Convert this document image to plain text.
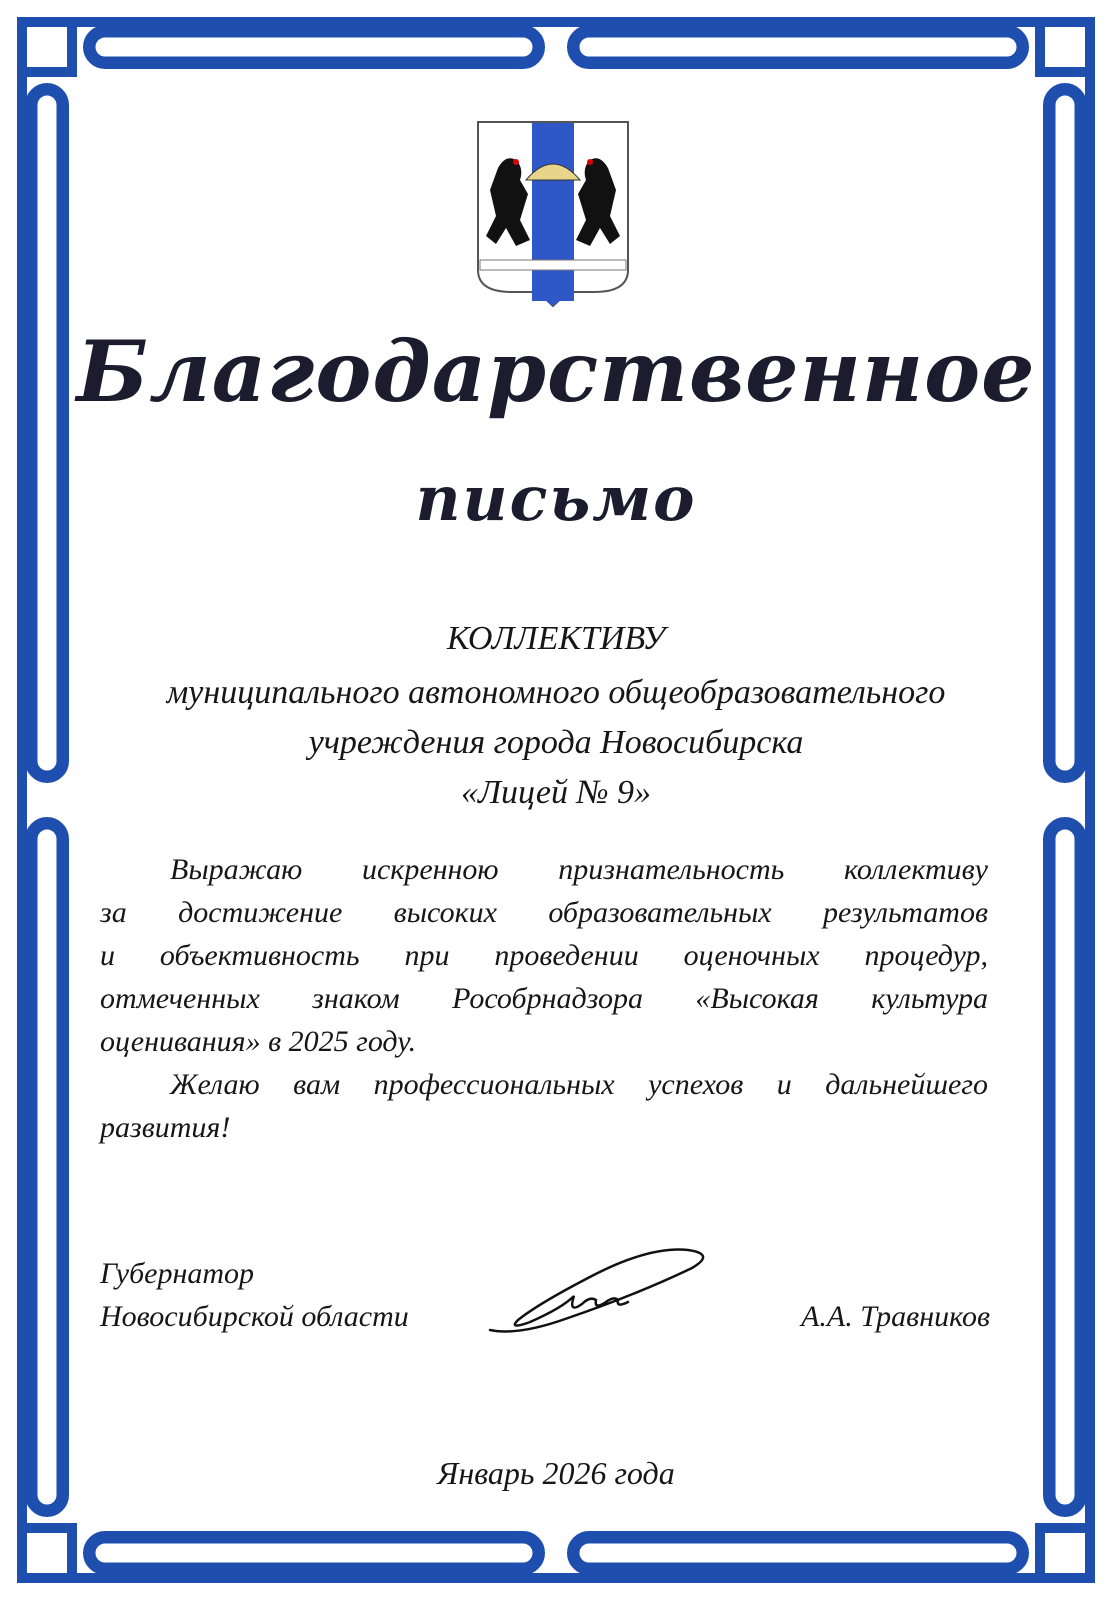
Благодарственное
письмо
КОЛЛЕКТИВУ
муниципального автономного общеобразовательного
учреждения города Новосибирска
«Лицей № 9»

Выражаю искренною признательность коллективу

за достижение высоких образовательных результатов

и объективность при проведении оценочных процедур,

отмеченных знаком Рособрнадзора «Высокая культура

оценивания» в 2025 году.

Желаю вам профессиональных успехов и дальнейшего

развития!

Губернатор
Новосибирской области	А.А. Травников
Январь 2026 года
